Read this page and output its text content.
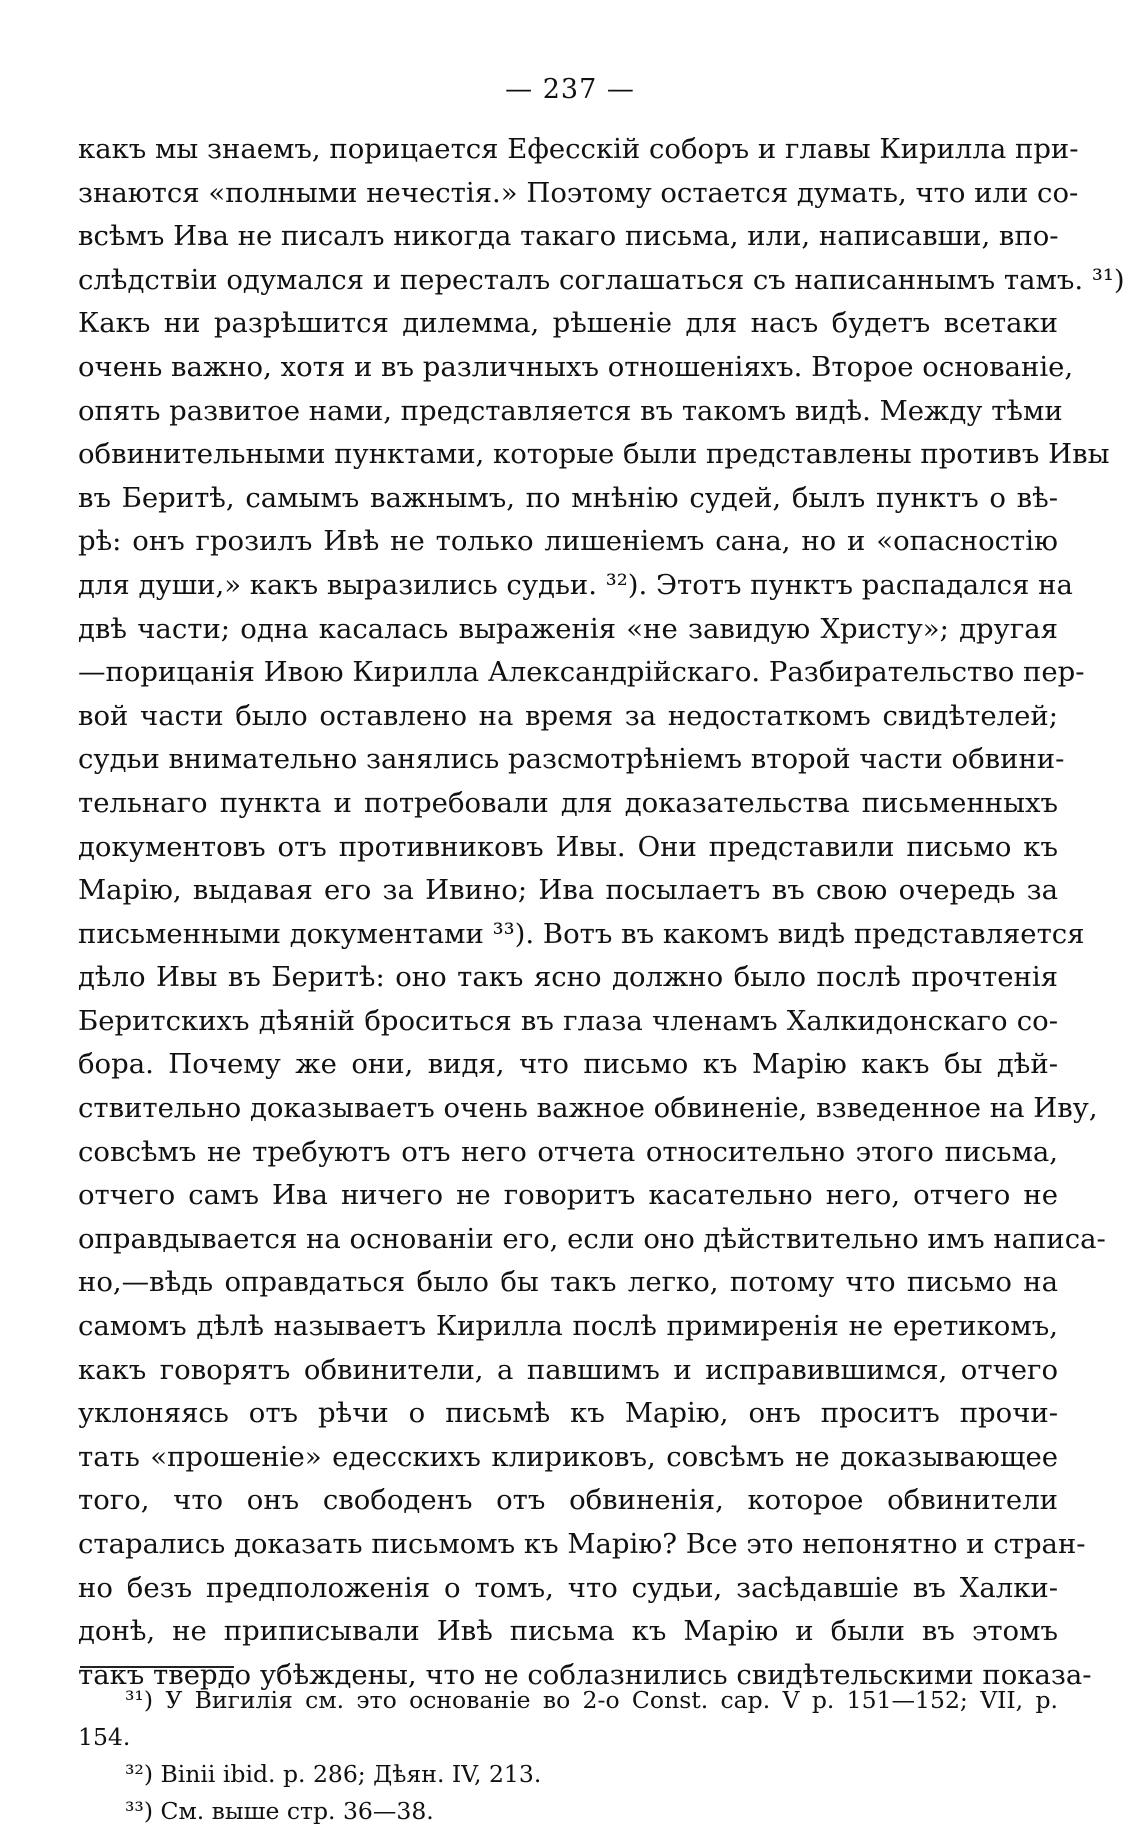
— 237 —
какъ мы знаемъ, порицается Ефесскій соборъ и главы Кирилла при-
знаются «полными нечестія.» Поэтому остается думать, что или со-
всѣмъ Ива не писалъ никогда такаго письма, или, написавши, впо-
слѣдствіи одумался и пересталъ соглашаться съ написаннымъ тамъ. ³¹)
Какъ ни разрѣшится дилемма, рѣшеніе для насъ будетъ всетаки
очень важно, хотя и въ различныхъ отношеніяхъ. Второе основаніе,
опять развитое нами, представляется въ такомъ видѣ. Между тѣми
обвинительными пунктами, которые были представлены противъ Ивы
въ Беритѣ, самымъ важнымъ, по мнѣнію судей, былъ пунктъ о вѣ-
рѣ: онъ грозилъ Ивѣ не только лишеніемъ сана, но и «опасностію
для души,» какъ выразились судьи. ³²). Этотъ пунктъ распадался на
двѣ части; одна касалась выраженія «не завидую Христу»; другая
—порицанія Ивою Кирилла Александрійскаго. Разбирательство пер-
вой части было оставлено на время за недостаткомъ свидѣтелей;
судьи внимательно занялись разсмотрѣніемъ второй части обвини-
тельнаго пункта и потребовали для доказательства письменныхъ
документовъ отъ противниковъ Ивы. Они представили письмо къ
Марію, выдавая его за Ивино; Ива посылаетъ въ свою очередь за
письменными документами ³³). Вотъ въ какомъ видѣ представляется
дѣло Ивы въ Беритѣ: оно такъ ясно должно было послѣ прочтенія
Беритскихъ дѣяній броситься въ глаза членамъ Халкидонскаго со-
бора. Почему же они, видя, что письмо къ Марію какъ бы дѣй-
ствительно доказываетъ очень важное обвиненіе, взведенное на Иву,
совсѣмъ не требуютъ отъ него отчета относительно этого письма,
отчего самъ Ива ничего не говоритъ касательно него, отчего не
оправдывается на основаніи его, если оно дѣйствительно имъ написа-
но,—вѣдь оправдаться было бы такъ легко, потому что письмо на
самомъ дѣлѣ называетъ Кирилла послѣ примиренія не еретикомъ,
какъ говорятъ обвинители, а павшимъ и исправившимся, отчего
уклоняясь отъ рѣчи о письмѣ къ Марію, онъ проситъ прочи-
тать «прошеніе» едесскихъ клириковъ, совсѣмъ не доказывающее
того, что онъ свободенъ отъ обвиненія, которое обвинители
старались доказать письмомъ къ Марію? Все это непонятно и стран-
но безъ предположенія о томъ, что судьи, засѣдавшіе въ Халки-
донѣ, не приписывали Ивѣ письма къ Марію и были въ этомъ
такъ твердо убѣждены, что не соблазнились свидѣтельскими показа-
³¹) У Вигилія см. это основаніе во 2-о Const. cap. V p. 151—152; VII, p.
154.
³²) Binii ibid. p. 286; Дѣян. IV, 213.
³³) См. выше стр. 36—38.
